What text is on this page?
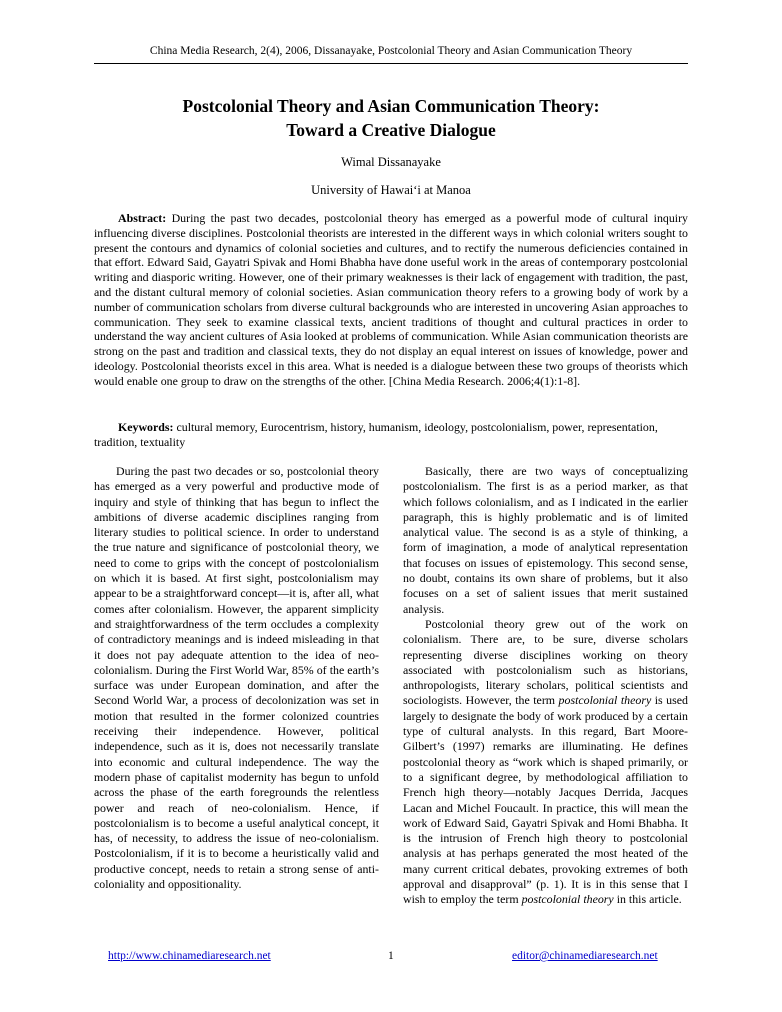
China Media Research, 2(4), 2006, Dissanayake, Postcolonial Theory and Asian Communication Theory
Postcolonial Theory and Asian Communication Theory:
Toward a Creative Dialogue
Wimal Dissanayake
University of Hawai‘i at Manoa

Abstract: During the past two decades, postcolonial theory has emerged as a powerful mode of cultural inquiry influencing diverse disciplines. Postcolonial theorists are interested in the different ways in which colonial writers sought to present the contours and dynamics of colonial societies and cultures, and to rectify the numerous deficiencies contained in that effort. Edward Said, Gayatri Spivak and Homi Bhabha have done useful work in the areas of contemporary postcolonial writing and diasporic writing. However, one of their primary weaknesses is their lack of engagement with tradition, the past, and the distant cultural memory of colonial societies. Asian communication theory refers to a growing body of work by a number of communication scholars from diverse cultural backgrounds who are interested in uncovering Asian approaches to communication. They seek to examine classical texts, ancient traditions of thought and cultural practices in order to understand the way ancient cultures of Asia looked at problems of communication. While Asian communication theorists are strong on the past and tradition and classical texts, they do not display an equal interest on issues of knowledge, power and ideology. Postcolonial theorists excel in this area. What is needed is a dialogue between these two groups of theorists which would enable one group to draw on the strengths of the other. [China Media Research. 2006;4(1):1-8].

Keywords: cultural memory, Eurocentrism, history, humanism, ideology, postcolonialism, power, representation, tradition, textuality

During the past two decades or so, postcolonial theory has emerged as a very powerful and productive mode of inquiry and style of thinking that has begun to inflect the ambitions of diverse academic disciplines ranging from literary studies to political science. In order to understand the true nature and significance of postcolonial theory, we need to come to grips with the concept of postcolonialism on which it is based. At first sight, postcolonialism may appear to be a straightforward concept—it is, after all, what comes after colonialism. However, the apparent simplicity and straightforwardness of the term occludes a complexity of contradictory meanings and is indeed misleading in that it does not pay adequate attention to the idea of neo-colonialism. During the First World War, 85% of the earth’s surface was under European domination, and after the Second World War, a process of decolonization was set in motion that resulted in the former colonized countries receiving their independence. However, political independence, such as it is, does not necessarily translate into economic and cultural independence. The way the modern phase of capitalist modernity has begun to unfold across the phase of the earth foregrounds the relentless power and reach of neo-colonialism. Hence, if postcolonialism is to become a useful analytical concept, it has, of necessity, to address the issue of neo-colonialism. Postcolonialism, if it is to become a heuristically valid and productive concept, needs to retain a strong sense of anti-coloniality and oppositionality.

Basically, there are two ways of conceptualizing postcolonialism. The first is as a period marker, as that which follows colonialism, and as I indicated in the earlier paragraph, this is highly problematic and is of limited analytical value. The second is as a style of thinking, a form of imagination, a mode of analytical representation that focuses on issues of epistemology. This second sense, no doubt, contains its own share of problems, but it also focuses on a set of salient issues that merit sustained analysis.

Postcolonial theory grew out of the work on colonialism. There are, to be sure, diverse scholars representing diverse disciplines working on theory associated with postcolonialism such as historians, anthropologists, literary scholars, political scientists and sociologists. However, the term postcolonial theory is used largely to designate the body of work produced by a certain type of cultural analysts. In this regard, Bart Moore-Gilbert’s (1997) remarks are illuminating. He defines postcolonial theory as “work which is shaped primarily, or to a significant degree, by methodological affiliation to French high theory—notably Jacques Derrida, Jacques Lacan and Michel Foucault. In practice, this will mean the work of Edward Said, Gayatri Spivak and Homi Bhabha. It is the intrusion of French high theory to postcolonial analysis at has perhaps generated the most heated of the many current critical debates, provoking extremes of both approval and disapproval” (p. 1). It is in this sense that I wish to employ the term postcolonial theory in this article.

http://www.chinamediaresearch.net	1	editor@chinamediaresearch.net
